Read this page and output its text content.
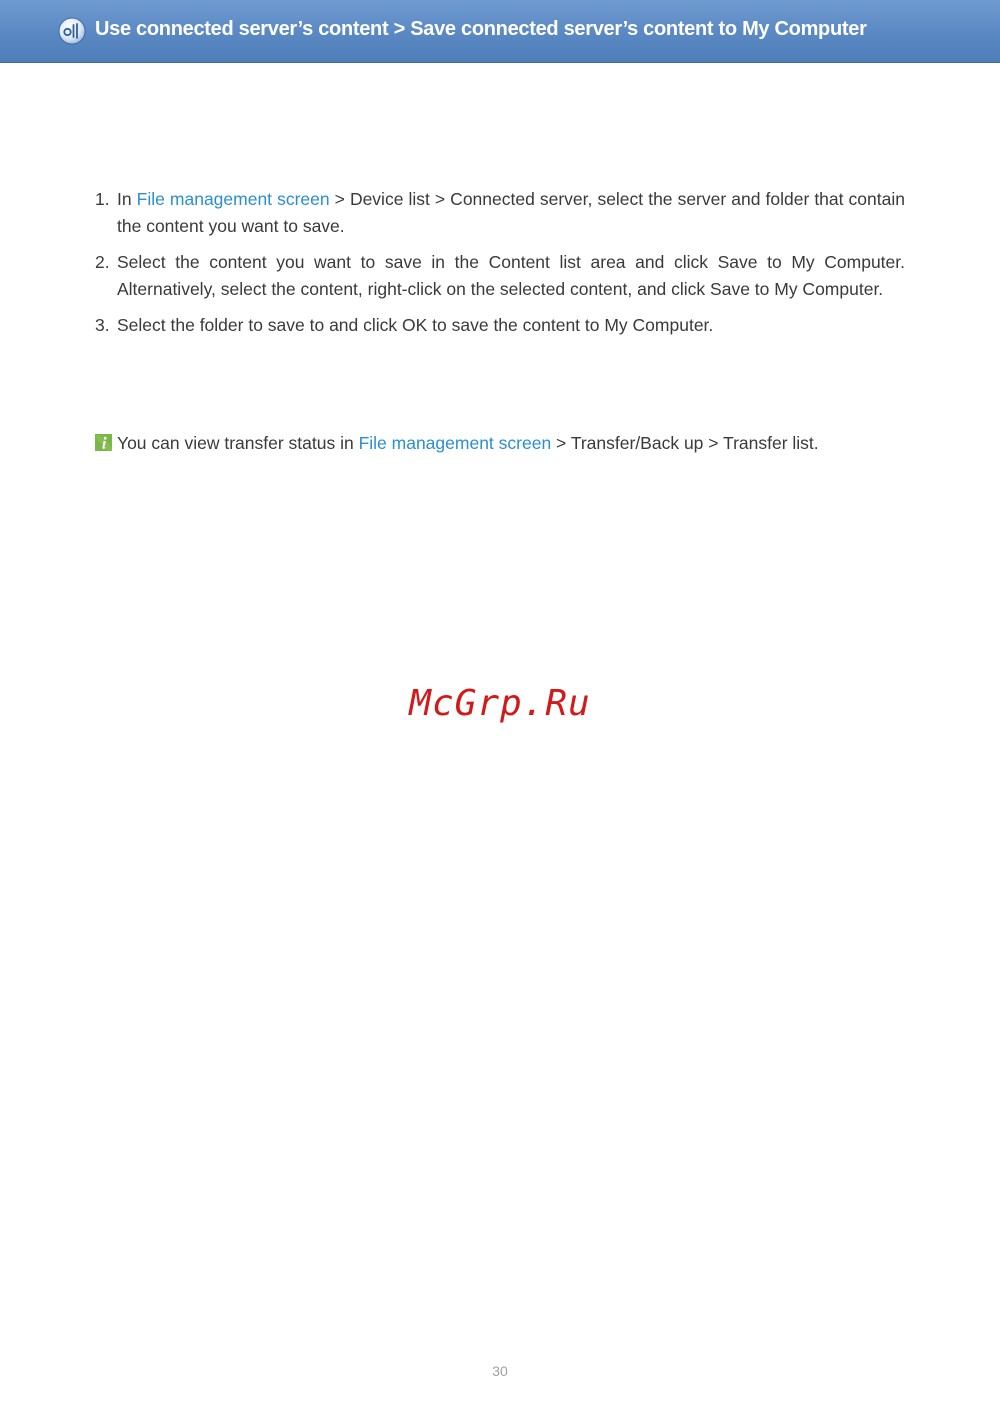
Use connected server’s content > Save connected server’s content to My Computer
1. In File management screen > Device list > Connected server, select the server and folder that contain the content you want to save.
2. Select the content you want to save in the Content list area and click Save to My Computer. Alternatively, select the content, right-click on the selected content, and click Save to My Computer.
3. Select the folder to save to and click OK to save the content to My Computer.
You can view transfer status in File management screen > Transfer/Back up > Transfer list.
McGrp.Ru
30
